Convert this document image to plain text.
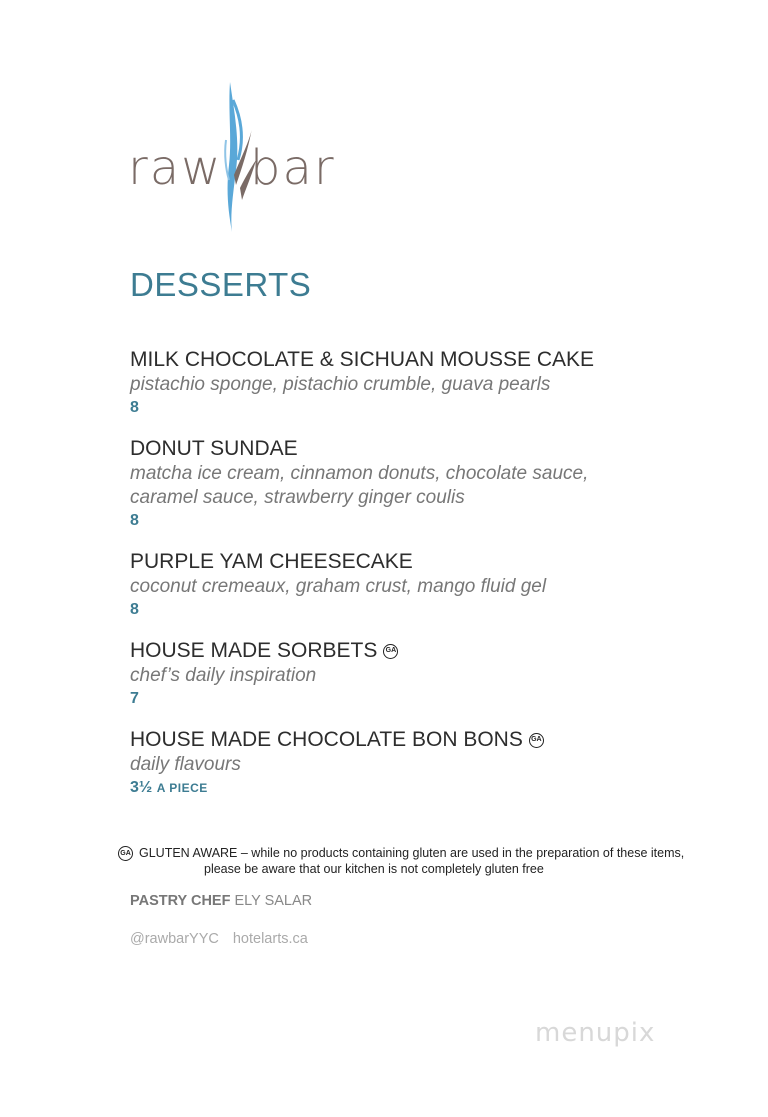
raw bar
DESSERTS
MILK CHOCOLATE & SICHUAN MOUSSE CAKE
pistachio sponge, pistachio crumble, guava pearls
8
DONUT SUNDAE
matcha ice cream, cinnamon donuts, chocolate sauce,
caramel sauce, strawberry ginger coulis
8
PURPLE YAM CHEESECAKE
coconut cremeaux, graham crust, mango fluid gel
8
HOUSE MADE SORBETS	GA
chef’s daily inspiration
7
HOUSE MADE CHOCOLATE BON BONS	GA
daily flavours
3½ A PIECE
GA GLUTEN AWARE – while no products containing gluten are used in the preparation of these items,
please be aware that our kitchen is not completely gluten free
PASTRY CHEF ELY SALAR
@rawbarYYC hotelarts.ca
menupix
